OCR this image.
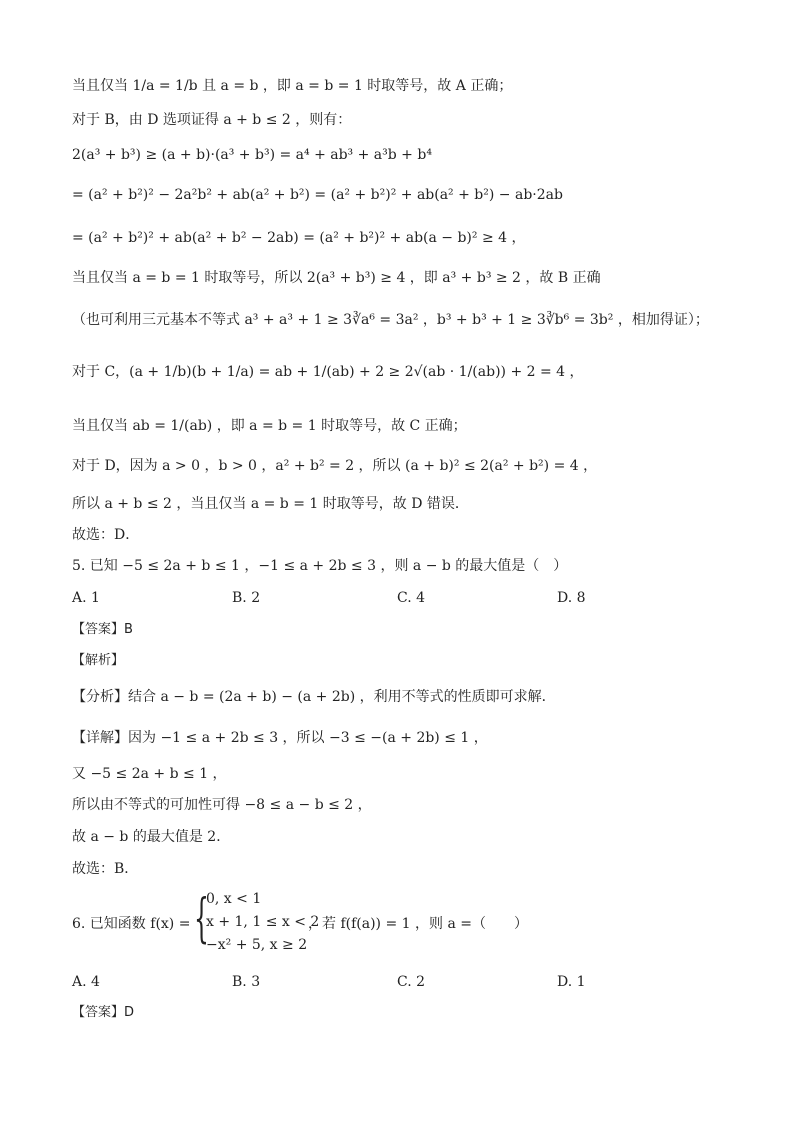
当且仅当 1/a = 1/b 且 a = b ，即 a = b = 1 时取等号，故 A 正确；
对于 B，由 D 选项证得 a + b ≤ 2 ，则有：
2(a³ + b³) ≥ (a + b)·(a³ + b³) = a⁴ + ab³ + a³b + b⁴
= (a² + b²)² − 2a²b² + ab(a² + b²) = (a² + b²)² + ab(a² + b²) − ab·2ab
= (a² + b²)² + ab(a² + b² − 2ab) = (a² + b²)² + ab(a − b)² ≥ 4 ，
当且仅当 a = b = 1 时取等号，所以 2(a³ + b³) ≥ 4 ，即 a³ + b³ ≥ 2 ，故 B 正确
（也可利用三元基本不等式 a³ + a³ + 1 ≥ 3∛a⁶ = 3a² ，b³ + b³ + 1 ≥ 3∛b⁶ = 3b² ，相加得证）；
对于 C，(a + 1/b)(b + 1/a) = ab + 1/(ab) + 2 ≥ 2√(ab · 1/(ab)) + 2 = 4 ，
当且仅当 ab = 1/(ab) ，即 a = b = 1 时取等号，故 C 正确；
对于 D，因为 a > 0 ，b > 0 ，a² + b² = 2 ，所以 (a + b)² ≤ 2(a² + b²) = 4 ，
所以 a + b ≤ 2 ，当且仅当 a = b = 1 时取等号，故 D 错误．
故选：D．
5. 已知 −5 ≤ 2a + b ≤ 1 ，−1 ≤ a + 2b ≤ 3 ，则 a − b 的最大值是（　）
A. 1	B. 2	C. 4	D. 8
【答案】B
【解析】
【分析】结合 a − b = (2a + b) − (a + 2b) ，利用不等式的性质即可求解．
【详解】因为 −1 ≤ a + 2b ≤ 3 ，所以 −3 ≤ −(a + 2b) ≤ 1 ，
又 −5 ≤ 2a + b ≤ 1 ，
所以由不等式的可加性可得 −8 ≤ a − b ≤ 2 ，
故 a − b 的最大值是 2．
故选：B．
6. 已知函数 f(x) = {
0, x < 1
x + 1, 1 ≤ x < 2
−x² + 5, x ≥ 2
，若 f(f(a)) = 1 ，则 a =（　　）
A. 4	B. 3	C. 2	D. 1
【答案】D
